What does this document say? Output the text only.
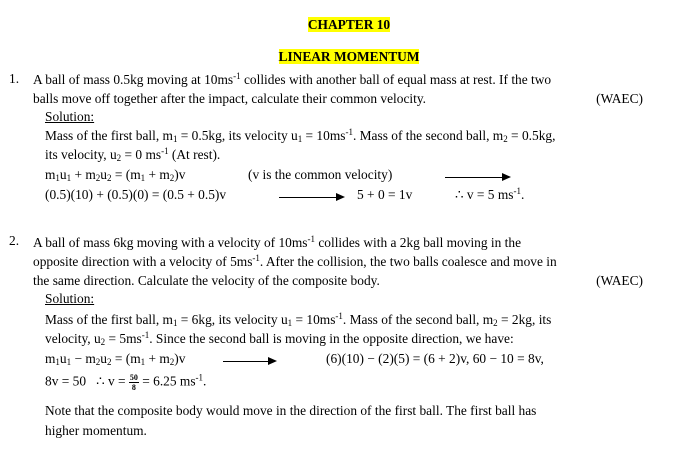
CHAPTER 10
LINEAR MOMENTUM
1. A ball of mass 0.5kg moving at $10ms^{-1}$ collides with another ball of equal mass at rest. If the two
balls move off together after the impact, calculate their common velocity.	(WAEC)
Solution:
Mass of the first ball, $m_1 = 0.5kg$, its velocity $u_1 = 10ms^{-1}$. Mass of the second ball, $m_2 = 0.5kg$,
its velocity, $u_2 = 0$ $ms^{-1}$ (At rest).
$m_1u_1 + m_2u_2 = (m_1 + m_2)v$	(v is the common velocity)
(0.5)(10) + (0.5)(0) = (0.5 + 0.5)v	5 + 0 = 1v	∴ v = 5 $ms^{-1}$.
2. A ball of mass 6kg moving with a velocity of $10ms^{-1}$ collides with a 2kg ball moving in the
opposite direction with a velocity of $5ms^{-1}$. After the collision, the two balls coalesce and move in
the same direction. Calculate the velocity of the composite body.	(WAEC)
Solution:
Mass of the first ball, $m_1 = 6kg$, its velocity $u_1 = 10ms^{-1}$. Mass of the second ball, $m_2 = 2kg$, its
velocity, $u_2 = 5ms^{-1}$. Since the second ball is moving in the opposite direction, we have:
$m_1u_1 - m_2u_2 = (m_1 + m_2)v$	(6)(10) − (2)(5) = (6 + 2)v, 60 − 10 = 8v,
8v = 50 ∴ $v = \frac{50}{8} = 6.25$ $ms^{-1}$.
Note that the composite body would move in the direction of the first ball. The first ball has
higher momentum.
